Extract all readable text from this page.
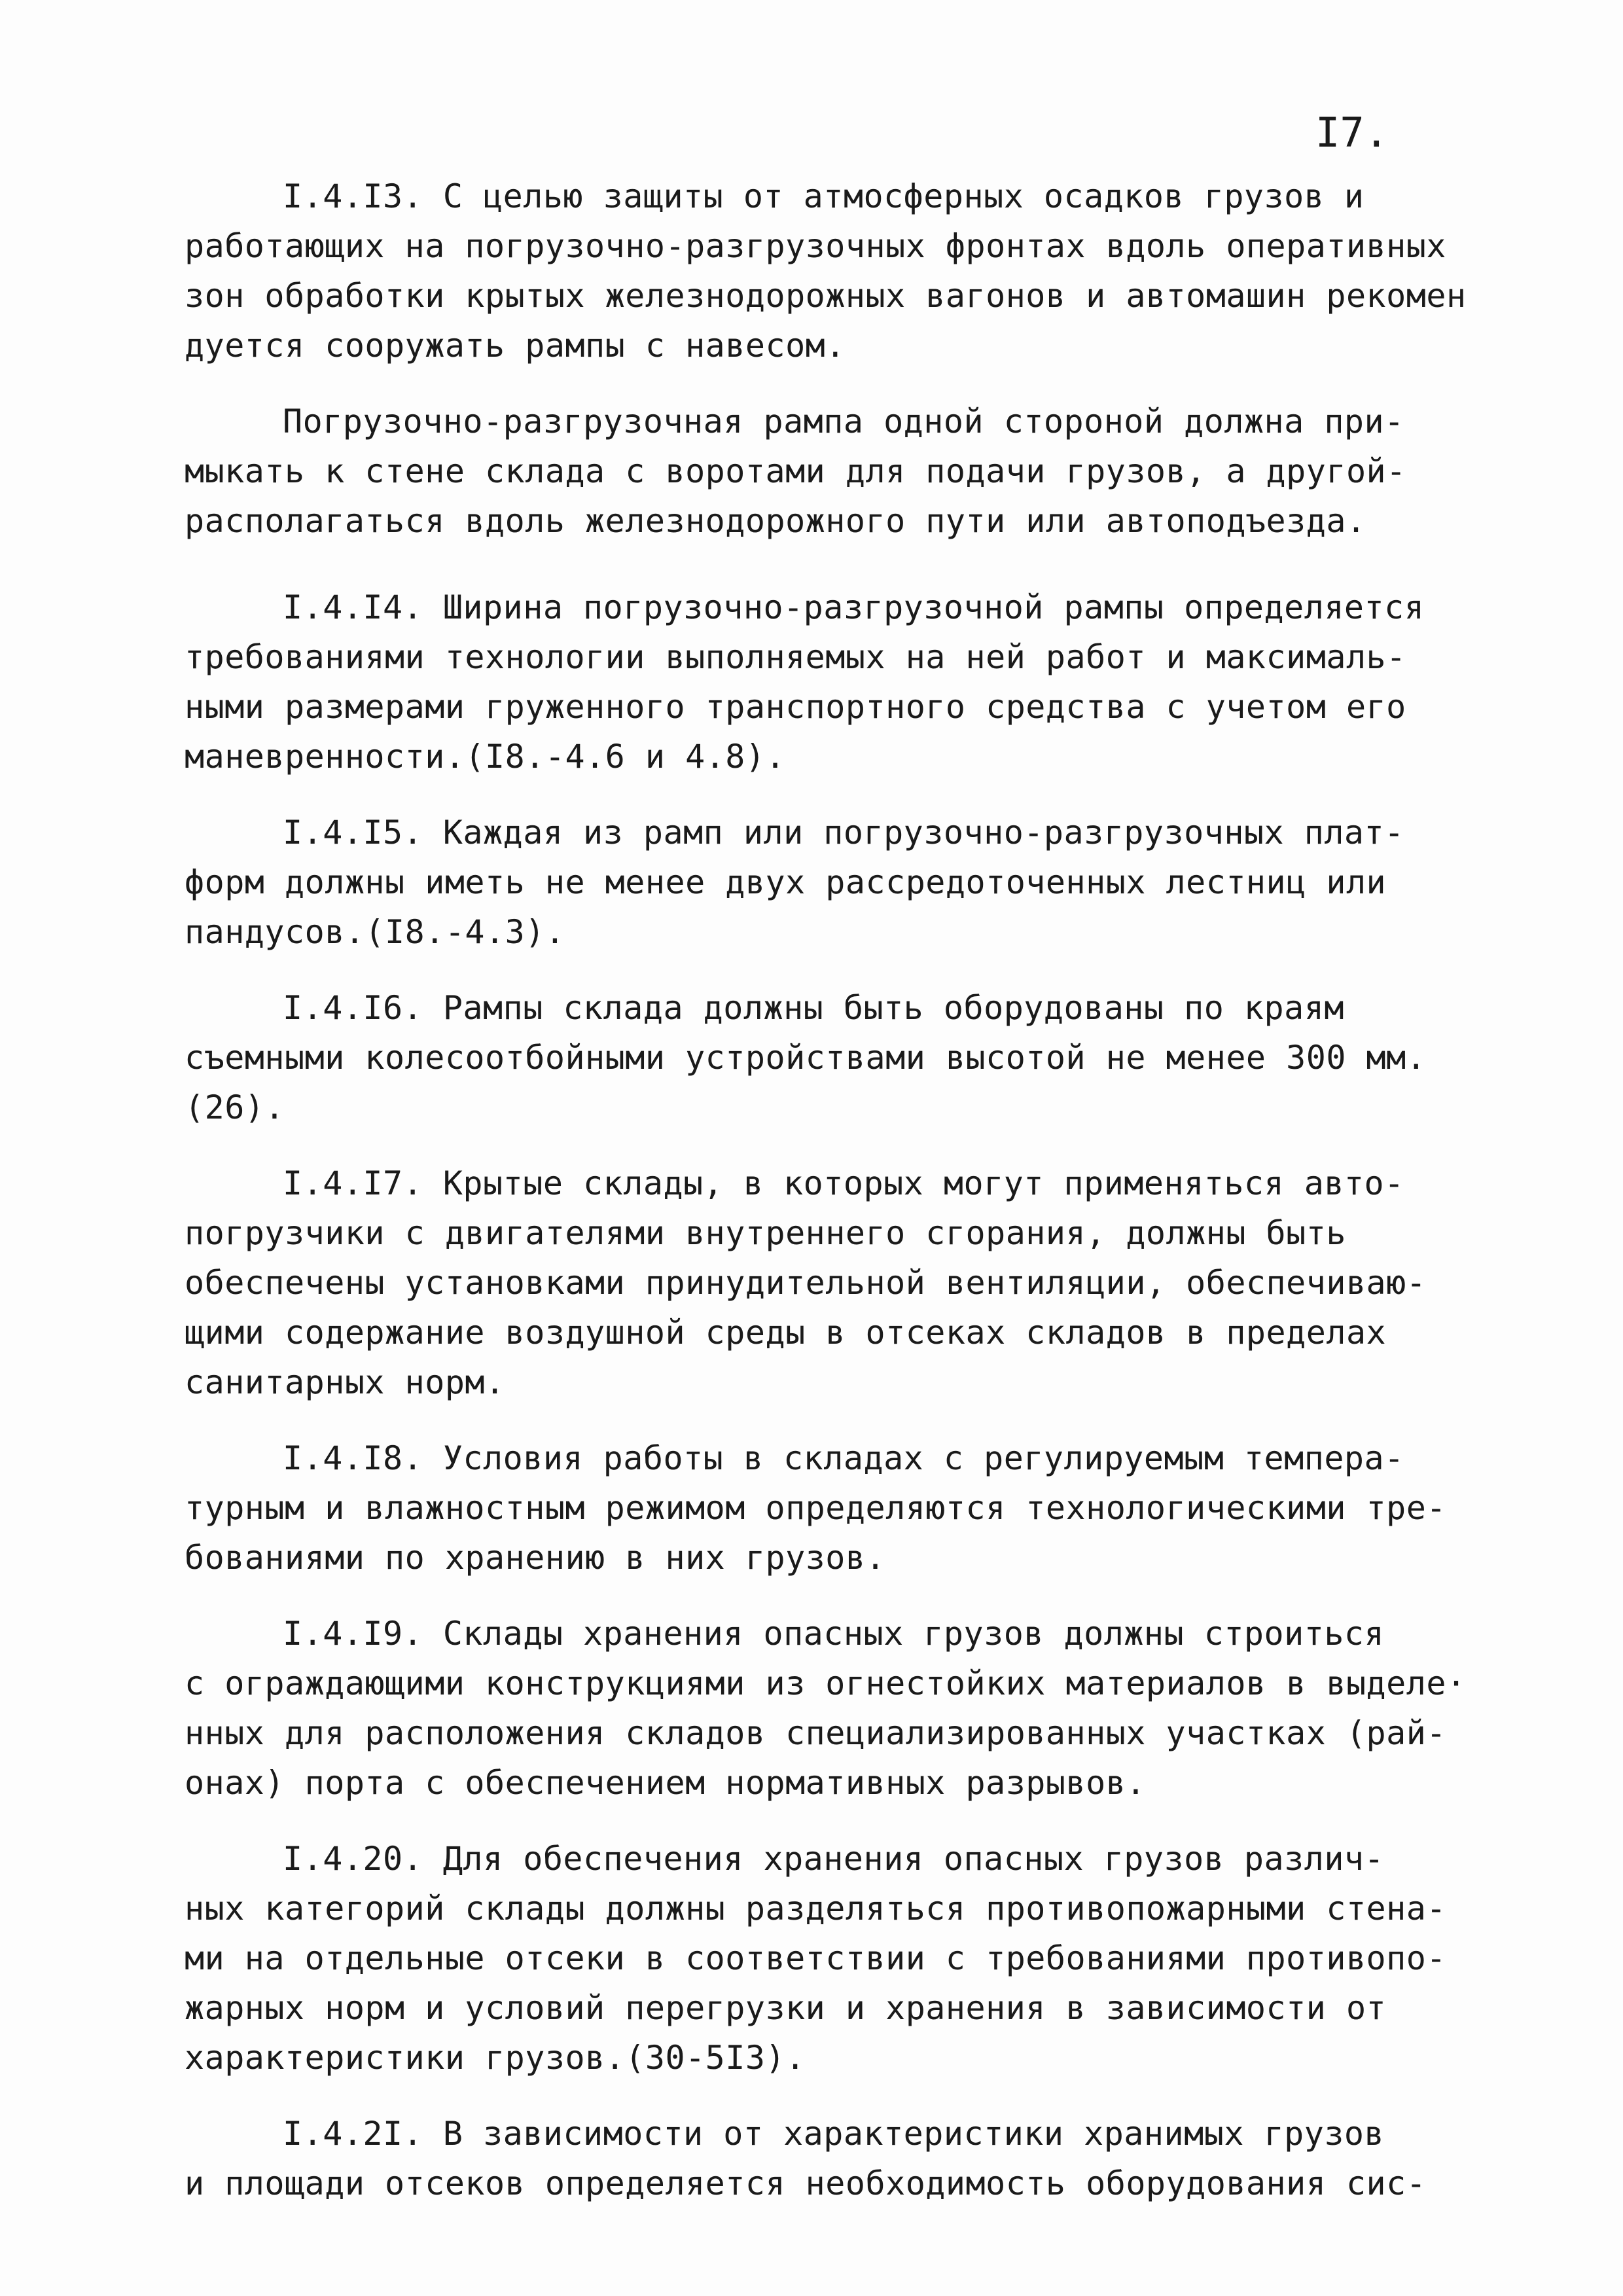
I7.
I.4.I3. С целью защиты от атмосферных осадков грузов и
работающих на погрузочно-разгрузочных фронтах вдоль оперативных
зон обработки крытых железнодорожных вагонов и автомашин рекомен
дуется сооружать рампы с навесом.
Погрузочно-разгрузочная рампа одной стороной должна при-
мыкать к стене склада с воротами для подачи грузов, а другой-
располагаться вдоль железнодорожного пути или автоподъезда.
I.4.I4. Ширина погрузочно-разгрузочной рампы определяется
требованиями технологии выполняемых на ней работ и максималь-
ными размерами груженного транспортного средства с учетом его
маневренности.(I8.-4.6 и 4.8).
I.4.I5. Каждая из рамп или погрузочно-разгрузочных плат-
форм должны иметь не менее двух рассредоточенных лестниц или
пандусов.(I8.-4.3).
I.4.I6. Рампы склада должны быть оборудованы по краям
съемными колесоотбойными устройствами высотой не менее 300 мм.
(26).
I.4.I7. Крытые склады, в которых могут применяться авто-
погрузчики с двигателями внутреннего сгорания, должны быть
обеспечены установками принудительной вентиляции, обеспечиваю-
щими содержание воздушной среды в отсеках складов в пределах
санитарных норм.
I.4.I8. Условия работы в складах с регулируемым темпера-
турным и влажностным режимом определяются технологическими тре-
бованиями по хранению в них грузов.
I.4.I9. Склады хранения опасных грузов должны строиться
с ограждающими конструкциями из огнестойких материалов в выделе·
нных для расположения складов специализированных участках (рай-
онах) порта с обеспечением нормативных разрывов.
I.4.20. Для обеспечения хранения опасных грузов различ-
ных категорий склады должны разделяться противопожарными стена-
ми на отдельные отсеки в соответствии с требованиями противопо-
жарных норм и условий перегрузки и хранения в зависимости от
характеристики грузов.(30-5I3).
I.4.2I. В зависимости от характеристики хранимых грузов
и площади отсеков определяется необходимость оборудования сис-
